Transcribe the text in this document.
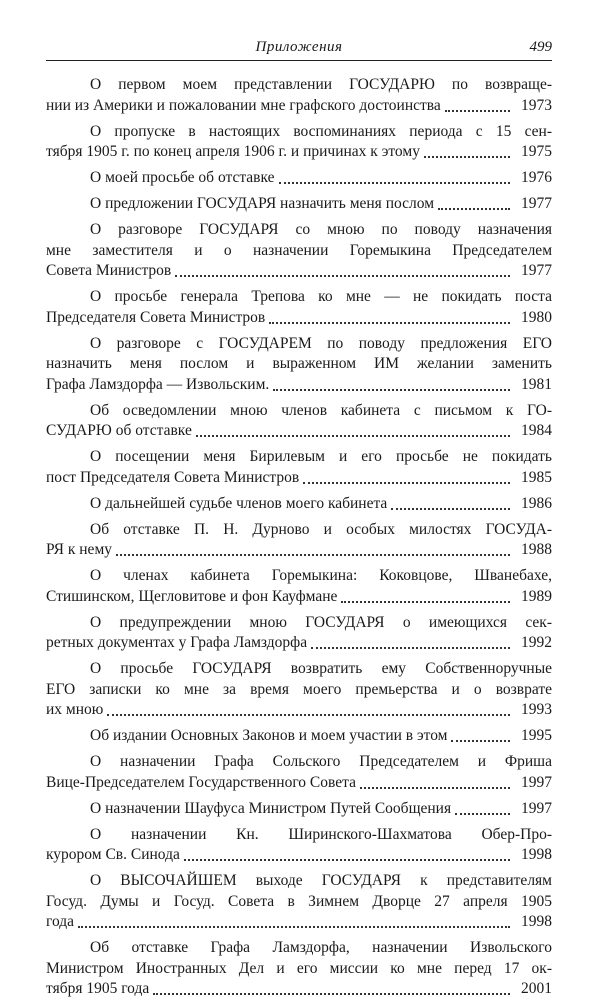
Приложения	499
О первом моем представлении ГОСУДАРЮ по возвраще-
нии из Америки и пожаловании мне графского достоинства	1973
О пропуске в настоящих воспоминаниях периода с 15 сен-
тября 1905 г. по конец апреля 1906 г. и причинах к этому	1975
О моей просьбе об отставке	1976
О предложении ГОСУДАРЯ назначить меня послом	1977
О разговоре ГОСУДАРЯ со мною по поводу назначения
мне заместителя и о назначении Горемыкина Председателем
Совета Министров	1977
О просьбе генерала Трепова ко мне — не покидать поста
Председателя Совета Министров	1980
О разговоре с ГОСУДАРЕМ по поводу предложения ЕГО
назначить меня послом и выраженном ИМ желании заменить
Графа Ламздорфа — Извольским.	1981
Об осведомлении мною членов кабинета с письмом к ГО-
СУДАРЮ об отставке	1984
О посещении меня Бирилевым и его просьбе не покидать
пост Председателя Совета Министров	1985
О дальнейшей судьбе членов моего кабинета	1986
Об отставке П. Н. Дурново и особых милостях ГОСУДА-
РЯ к нему	1988
О членах кабинета Горемыкина: Коковцове, Шванебахе,
Стишинском, Щегловитове и фон Кауфмане	1989
О предупреждении мною ГОСУДАРЯ о имеющихся сек-
ретных документах у Графа Ламздорфа	1992
О просьбе ГОСУДАРЯ возвратить ему Собственноручные
ЕГО записки ко мне за время моего премьерства и о возврате
их мною	1993
Об издании Основных Законов и моем участии в этом	1995
О назначении Графа Сольского Председателем и Фриша
Вице-Председателем Государственного Совета	1997
О назначении Шауфуса Министром Путей Сообщения	1997
О назначении Кн. Ширинского-Шахматова Обер-Про-
курором Св. Синода	1998
О ВЫСОЧАЙШЕМ выходе ГОСУДАРЯ к представителям
Госуд. Думы и Госуд. Совета в Зимнем Дворце 27 апреля 1905
года	1998
Об отставке Графа Ламздорфа, назначении Извольского
Министром Иностранных Дел и его миссии ко мне перед 17 ок-
тября 1905 года	2001
